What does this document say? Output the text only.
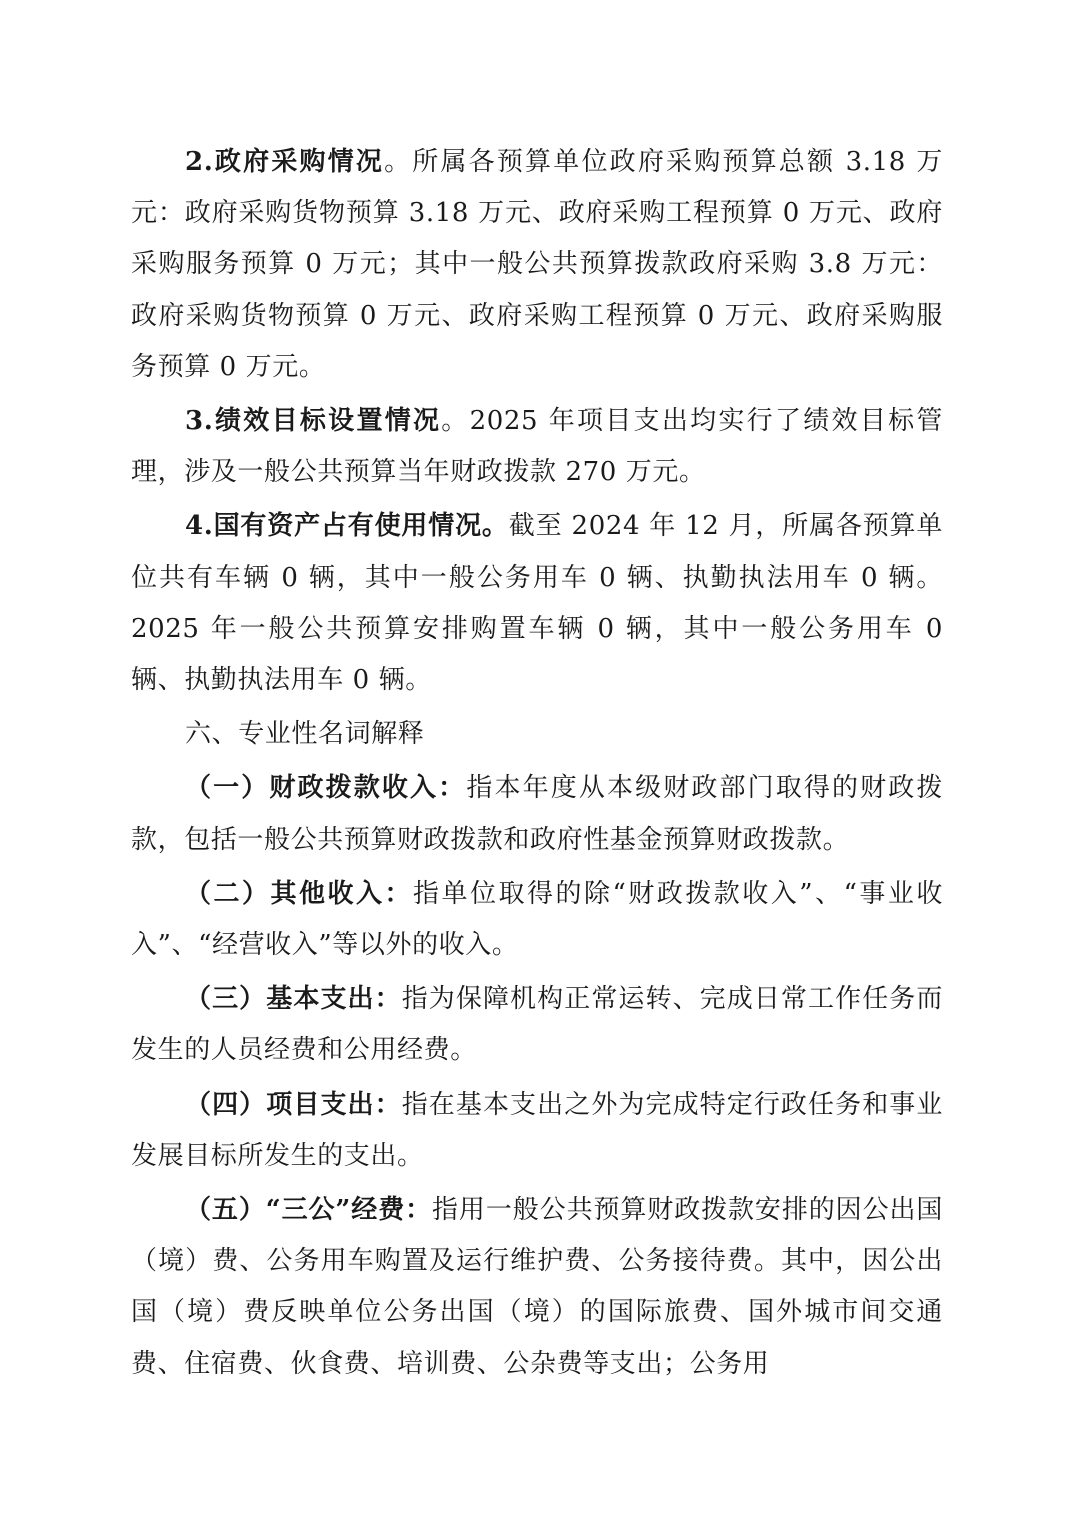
2.政府采购情况。所属各预算单位政府采购预算总额 3.18 万元：政府采购货物预算 3.18 万元、政府采购工程预算 0 万元、政府采购服务预算 0 万元；其中一般公共预算拨款政府采购 3.8 万元：政府采购货物预算 0 万元、政府采购工程预算 0 万元、政府采购服务预算 0 万元。

3.绩效目标设置情况。2025 年项目支出均实行了绩效目标管理，涉及一般公共预算当年财政拨款 270 万元。

4.国有资产占有使用情况。截至 2024 年 12 月，所属各预算单位共有车辆 0 辆，其中一般公务用车 0 辆、执勤执法用车 0 辆。2025 年一般公共预算安排购置车辆 0 辆，其中一般公务用车 0 辆、执勤执法用车 0 辆。

六、专业性名词解释

（一）财政拨款收入：指本年度从本级财政部门取得的财政拨款，包括一般公共预算财政拨款和政府性基金预算财政拨款。

（二）其他收入：指单位取得的除“财政拨款收入”、“事业收入”、“经营收入”等以外的收入。

（三）基本支出：指为保障机构正常运转、完成日常工作任务而发生的人员经费和公用经费。

（四）项目支出：指在基本支出之外为完成特定行政任务和事业发展目标所发生的支出。

（五）“三公”经费：指用一般公共预算财政拨款安排的因公出国（境）费、公务用车购置及运行维护费、公务接待费。其中，因公出国（境）费反映单位公务出国（境）的国际旅费、国外城市间交通费、住宿费、伙食费、培训费、公杂费等支出；公务用
